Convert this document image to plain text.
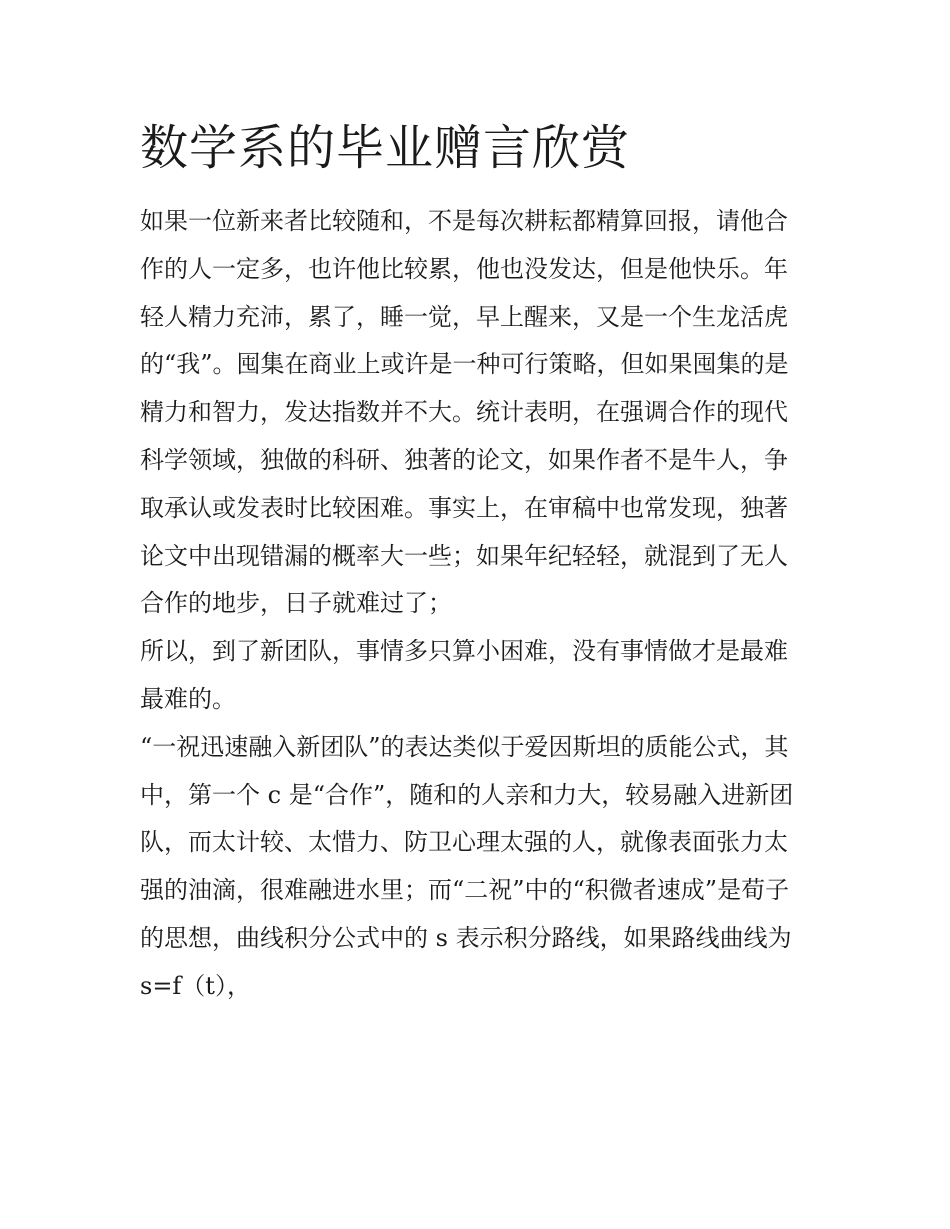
数学系的毕业赠言欣赏
如果一位新来者比较随和，不是每次耕耘都精算回报，请他合
作的人一定多，也许他比较累，他也没发达，但是他快乐。年
轻人精力充沛，累了，睡一觉，早上醒来，又是一个生龙活虎
的“我”。囤集在商业上或许是一种可行策略，但如果囤集的是
精力和智力，发达指数并不大。统计表明，在强调合作的现代
科学领域，独做的科研、独著的论文，如果作者不是牛人，争
取承认或发表时比较困难。事实上，在审稿中也常发现，独著
论文中出现错漏的概率大一些；如果年纪轻轻，就混到了无人
合作的地步，日子就难过了；
所以，到了新团队，事情多只算小困难，没有事情做才是最难
最难的。
“一祝迅速融入新团队”的表达类似于爱因斯坦的质能公式，其
中，第一个 c 是“合作”，随和的人亲和力大，较易融入进新团
队，而太计较、太惜力、防卫心理太强的人，就像表面张力太
强的油滴，很难融进水里；而“二祝”中的“积微者速成”是荀子
的思想，曲线积分公式中的 s 表示积分路线，如果路线曲线为
s=f（t），
